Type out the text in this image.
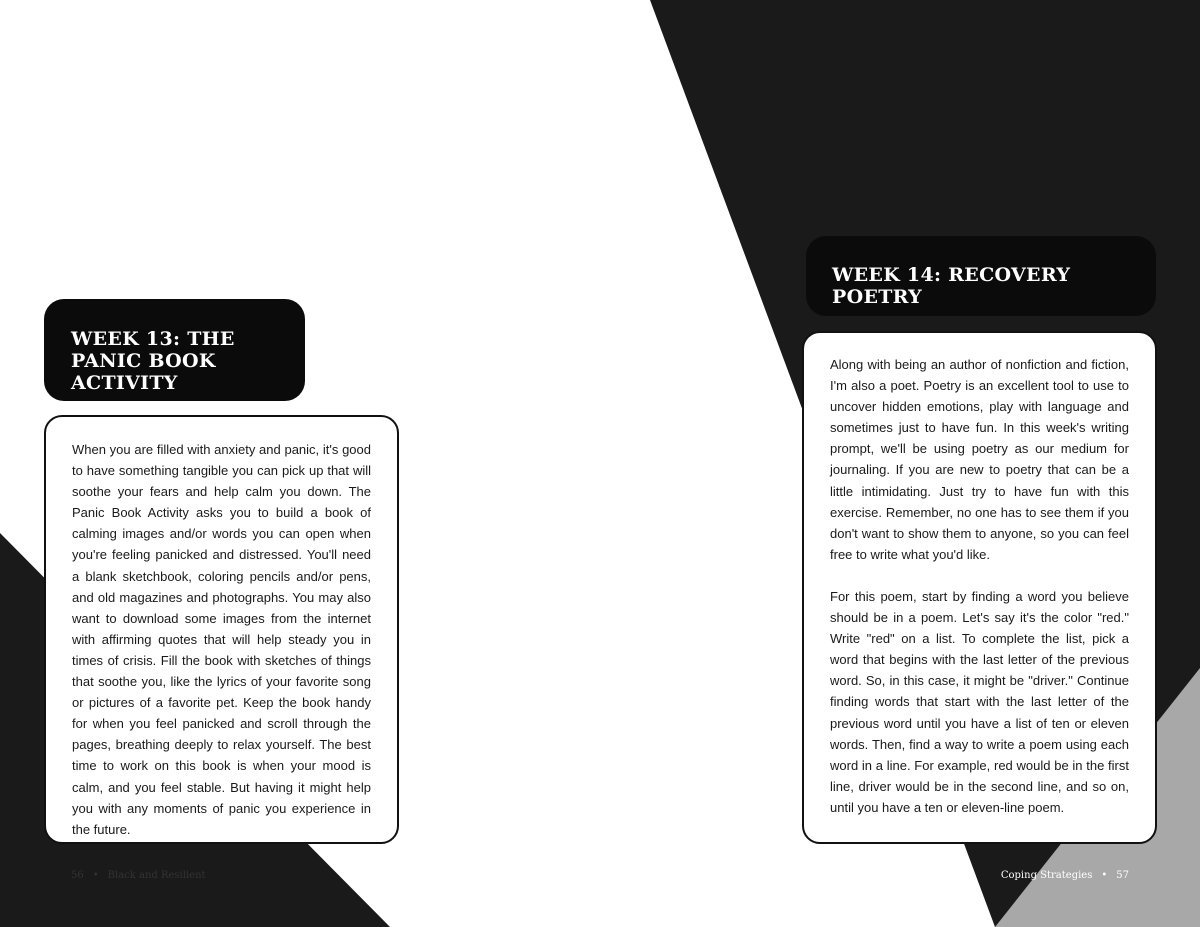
WEEK 13: THE PANIC BOOK ACTIVITY

When you are filled with anxiety and panic, it's good to have something tangible you can pick up that will soothe your fears and help calm you down. The Panic Book Activity asks you to build a book of calming images and/or words you can open when you're feeling panicked and distressed. You'll need a blank sketchbook, coloring pencils and/or pens, and old magazines and photographs. You may also want to download some images from the internet with affirming quotes that will help steady you in times of crisis. Fill the book with sketches of things that soothe you, like the lyrics of your favorite song or pictures of a favorite pet. Keep the book handy for when you feel panicked and scroll through the pages, breathing deeply to relax yourself. The best time to work on this book is when your mood is calm, and you feel stable. But having it might help you with any moments of panic you experience in the future.

WEEK 14: RECOVERY POETRY

Along with being an author of nonfiction and fiction, I'm also a poet. Poetry is an excellent tool to use to uncover hidden emotions, play with language and sometimes just to have fun. In this week's writing prompt, we'll be using poetry as our medium for journaling. If you are new to poetry that can be a little intimidating. Just try to have fun with this exercise. Remember, no one has to see them if you don't want to show them to anyone, so you can feel free to write what you'd like.

For this poem, start by finding a word you believe should be in a poem. Let's say it's the color "red." Write "red" on a list. To complete the list, pick a word that begins with the last letter of the previous word. So, in this case, it might be "driver." Continue finding words that start with the last letter of the previous word until you have a list of ten or eleven words. Then, find a way to write a poem using each word in a line. For example, red would be in the first line, driver would be in the second line, and so on, until you have a ten or eleven-line poem.

56 • Black and Resilient	Coping Strategies • 57
